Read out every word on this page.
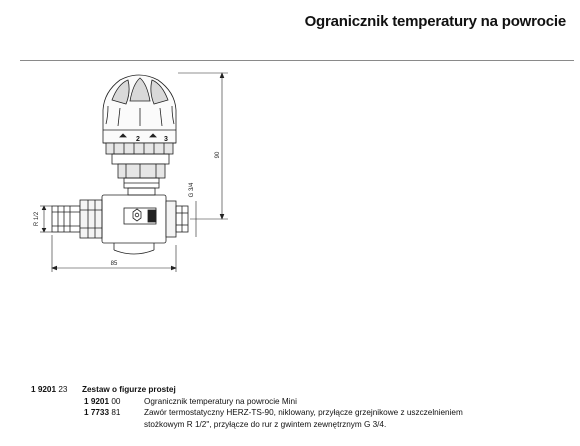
Ogranicznik temperatury na powrocie
90
G 3/4
R 1/2
85
2	3
1 9201 23 Zestaw o figurze prostej
1 9201 00	Ogranicznik temperatury na powrocie Mini
1 7733 81	Zawór termostatyczny HERZ-TS-90, niklowany, przyłącze grzejnikowe z uszczelnieniem
stożkowym R 1/2", przyłącze do rur z gwintem zewnętrznym G 3/4.
